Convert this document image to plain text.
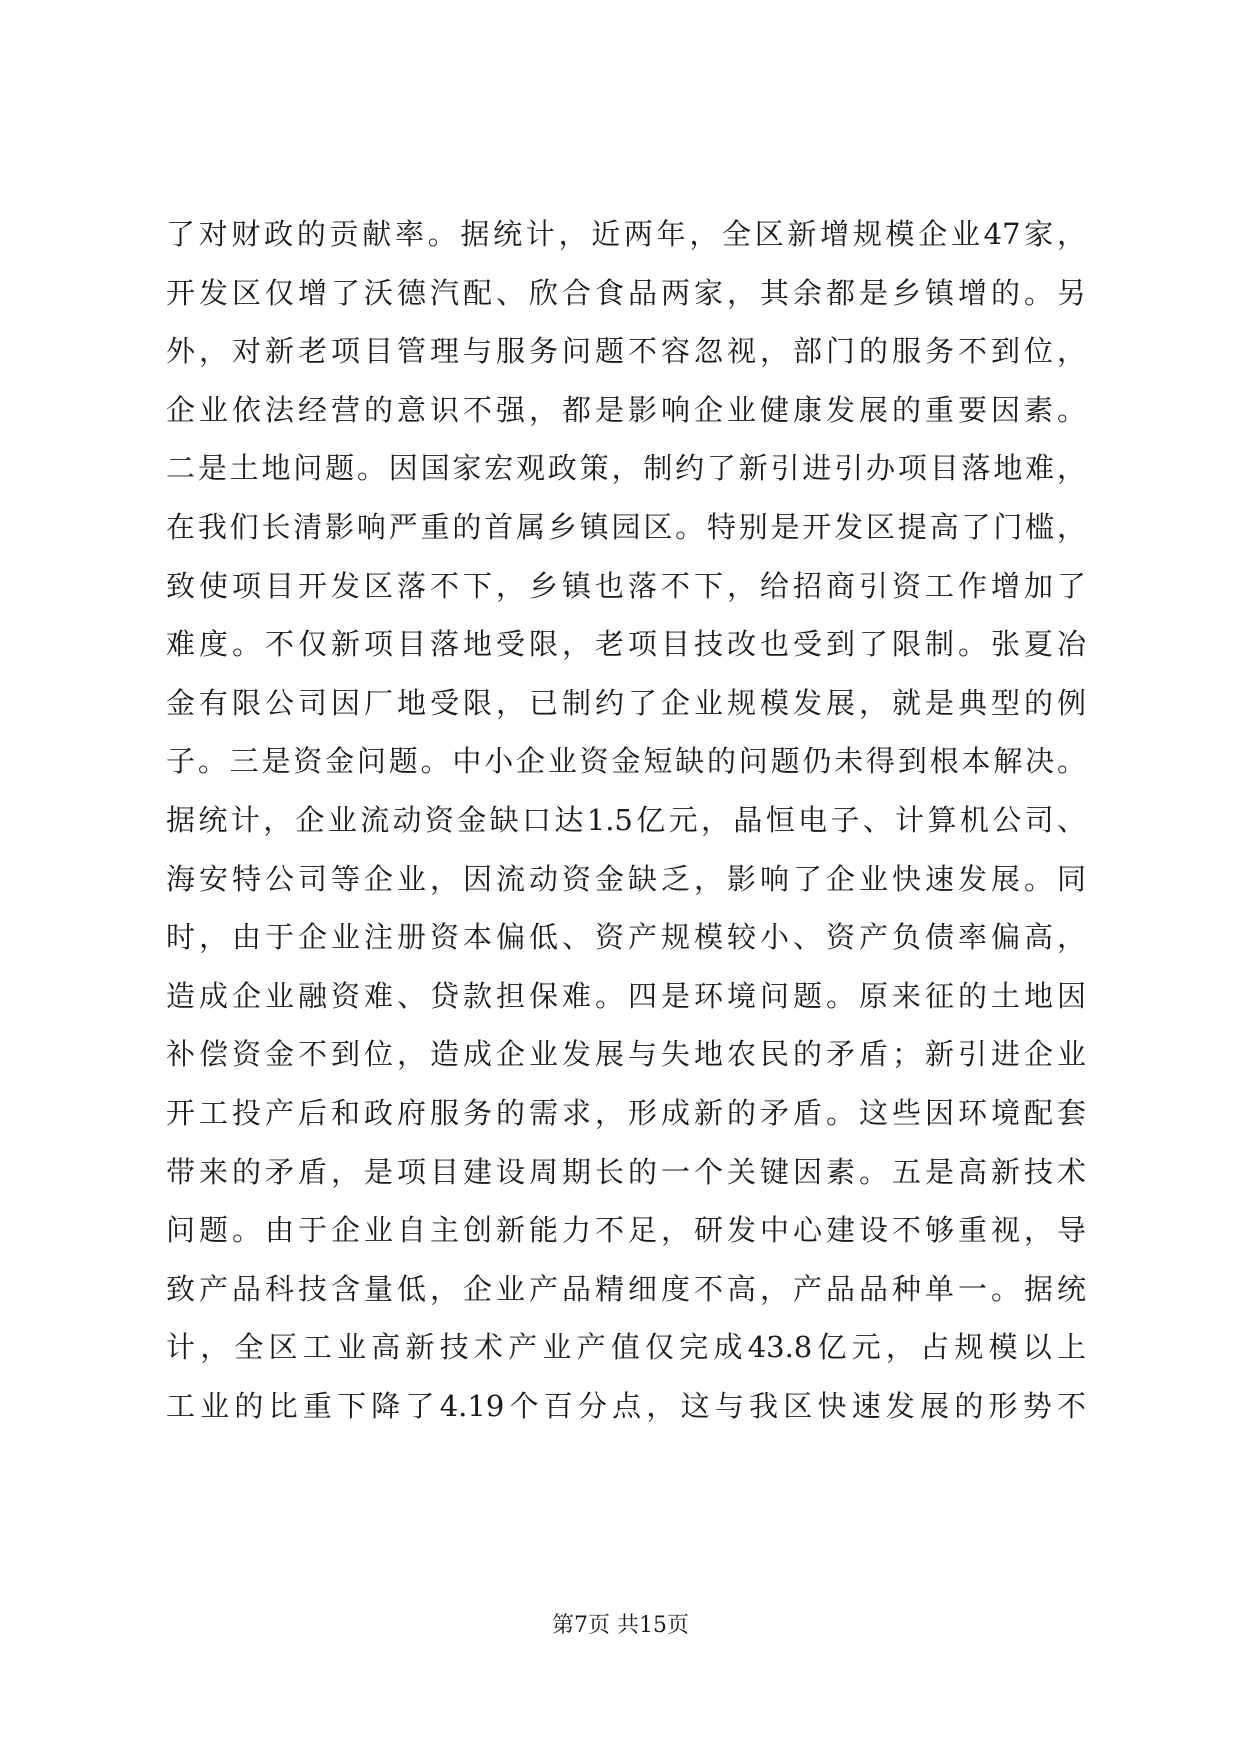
了对财政的贡献率。据统计，近两年，全区新增规模企业47家，
开发区仅增了沃德汽配、欣合食品两家，其余都是乡镇增的。另
外，对新老项目管理与服务问题不容忽视，部门的服务不到位，
企业依法经营的意识不强，都是影响企业健康发展的重要因素。
二是土地问题。因国家宏观政策，制约了新引进引办项目落地难，
在我们长清影响严重的首属乡镇园区。特别是开发区提高了门槛，
致使项目开发区落不下，乡镇也落不下，给招商引资工作增加了
难度。不仅新项目落地受限，老项目技改也受到了限制。张夏冶
金有限公司因厂地受限，已制约了企业规模发展，就是典型的例
子。三是资金问题。中小企业资金短缺的问题仍未得到根本解决。
据统计，企业流动资金缺口达1.5亿元，晶恒电子、计算机公司、
海安特公司等企业，因流动资金缺乏，影响了企业快速发展。同
时，由于企业注册资本偏低、资产规模较小、资产负债率偏高，
造成企业融资难、贷款担保难。四是环境问题。原来征的土地因
补偿资金不到位，造成企业发展与失地农民的矛盾；新引进企业
开工投产后和政府服务的需求，形成新的矛盾。这些因环境配套
带来的矛盾，是项目建设周期长的一个关键因素。五是高新技术
问题。由于企业自主创新能力不足，研发中心建设不够重视，导
致产品科技含量低，企业产品精细度不高，产品品种单一。据统
计，全区工业高新技术产业产值仅完成43.8亿元，占规模以上
工业的比重下降了4.19个百分点，这与我区快速发展的形势不
第7页 共15页
